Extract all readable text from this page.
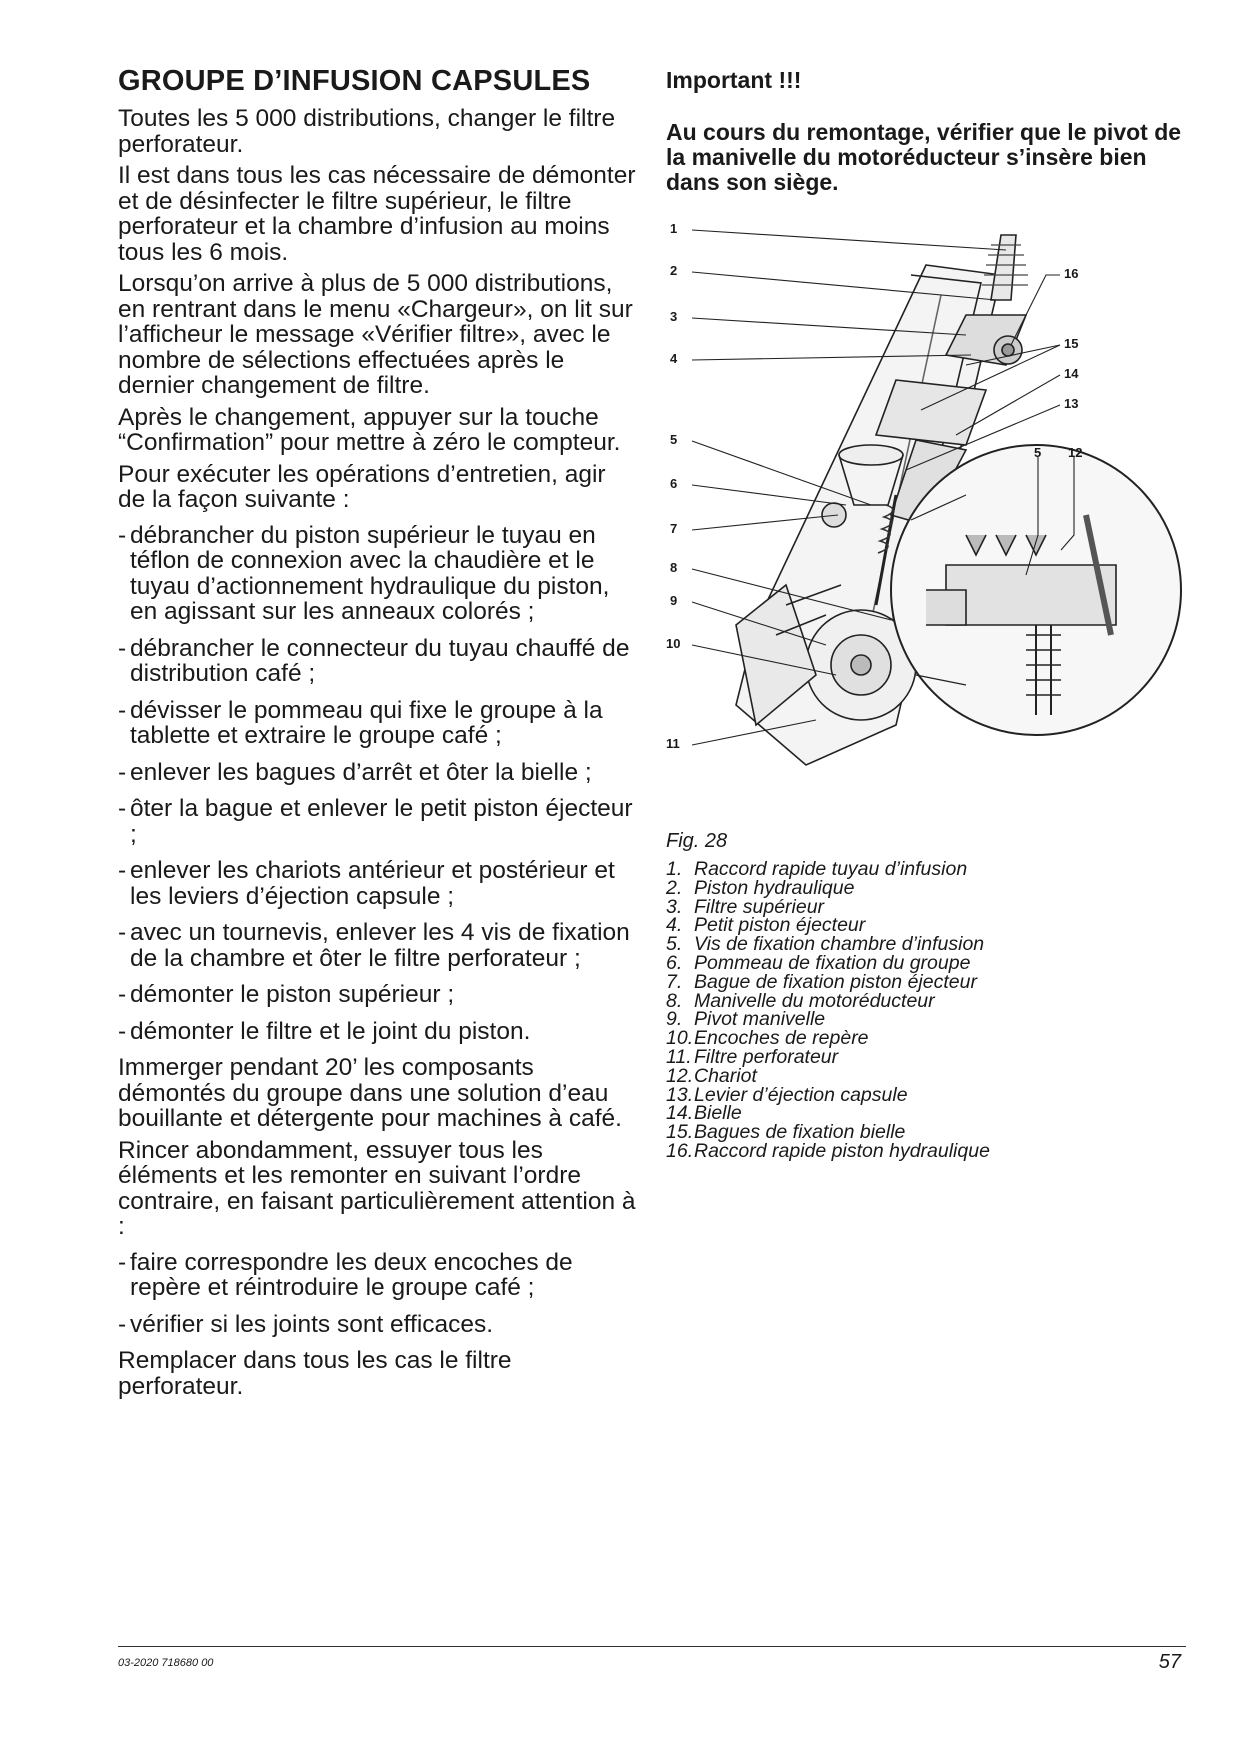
GROUPE D’INFUSION CAPSULES

Toutes les 5 000 distributions, changer le filtre perforateur.

Il est dans tous les cas nécessaire de démonter et de désinfecter le filtre supérieur, le filtre perforateur et la chambre d’infusion au moins tous les 6 mois.

Lorsqu’on arrive à plus de 5 000 distributions, en rentrant dans le menu «Chargeur», on lit sur l’afficheur le message «Vérifier filtre», avec le nombre de sélections effectuées après le dernier changement de filtre.

Après le changement, appuyer sur la touche “Confirmation” pour mettre à zéro le compteur.

Pour exécuter les opérations d’entretien, agir de la façon suivante :

- débrancher du piston supérieur le tuyau en téflon de connexion avec la chaudière et le tuyau d’actionnement hydraulique du piston, en agissant sur les anneaux colorés ;
- débrancher le connecteur du tuyau chauffé de distribution café ;
- dévisser le pommeau qui fixe le groupe à la tablette et extraire le groupe café ;
- enlever les bagues d’arrêt et ôter la bielle ;
- ôter la bague et enlever le petit piston éjecteur ;
- enlever les chariots antérieur et postérieur et les leviers d’éjection capsule ;
- avec un tournevis, enlever les 4 vis de fixation de la chambre et ôter le filtre perforateur ;
- démonter le piston supérieur ;
- démonter le filtre et le joint du piston.

Immerger pendant 20’ les composants démontés du groupe dans une solution d’eau bouillante et détergente pour machines à café.

Rincer abondamment, essuyer tous les éléments et les remonter en suivant l’ordre contraire, en faisant particulièrement attention à :

- faire correspondre les deux encoches de repère et réintroduire le groupe café ;
- vérifier si les joints sont efficaces.

Remplacer dans tous les cas le filtre perforateur.

Important !!!

Au cours du remontage, vérifier que le pivot de la manivelle du motoréducteur s’insère bien dans son siège.

1
2
3
4
5
6
7
8
9
10
11
16
15
14
13
5 12
Fig. 28
1. Raccord rapide tuyau d’infusion
2. Piston hydraulique
3. Filtre supérieur
4. Petit piston éjecteur
5. Vis de fixation chambre d’infusion
6. Pommeau de fixation du groupe
7. Bague de fixation piston éjecteur
8. Manivelle du motoréducteur
9. Pivot manivelle
10.Encoches de repère
11. Filtre perforateur
12.Chariot
13.Levier d’éjection capsule
14.Bielle
15.Bagues de fixation bielle
16.Raccord rapide piston hydraulique
03-2020 718680 00	57
